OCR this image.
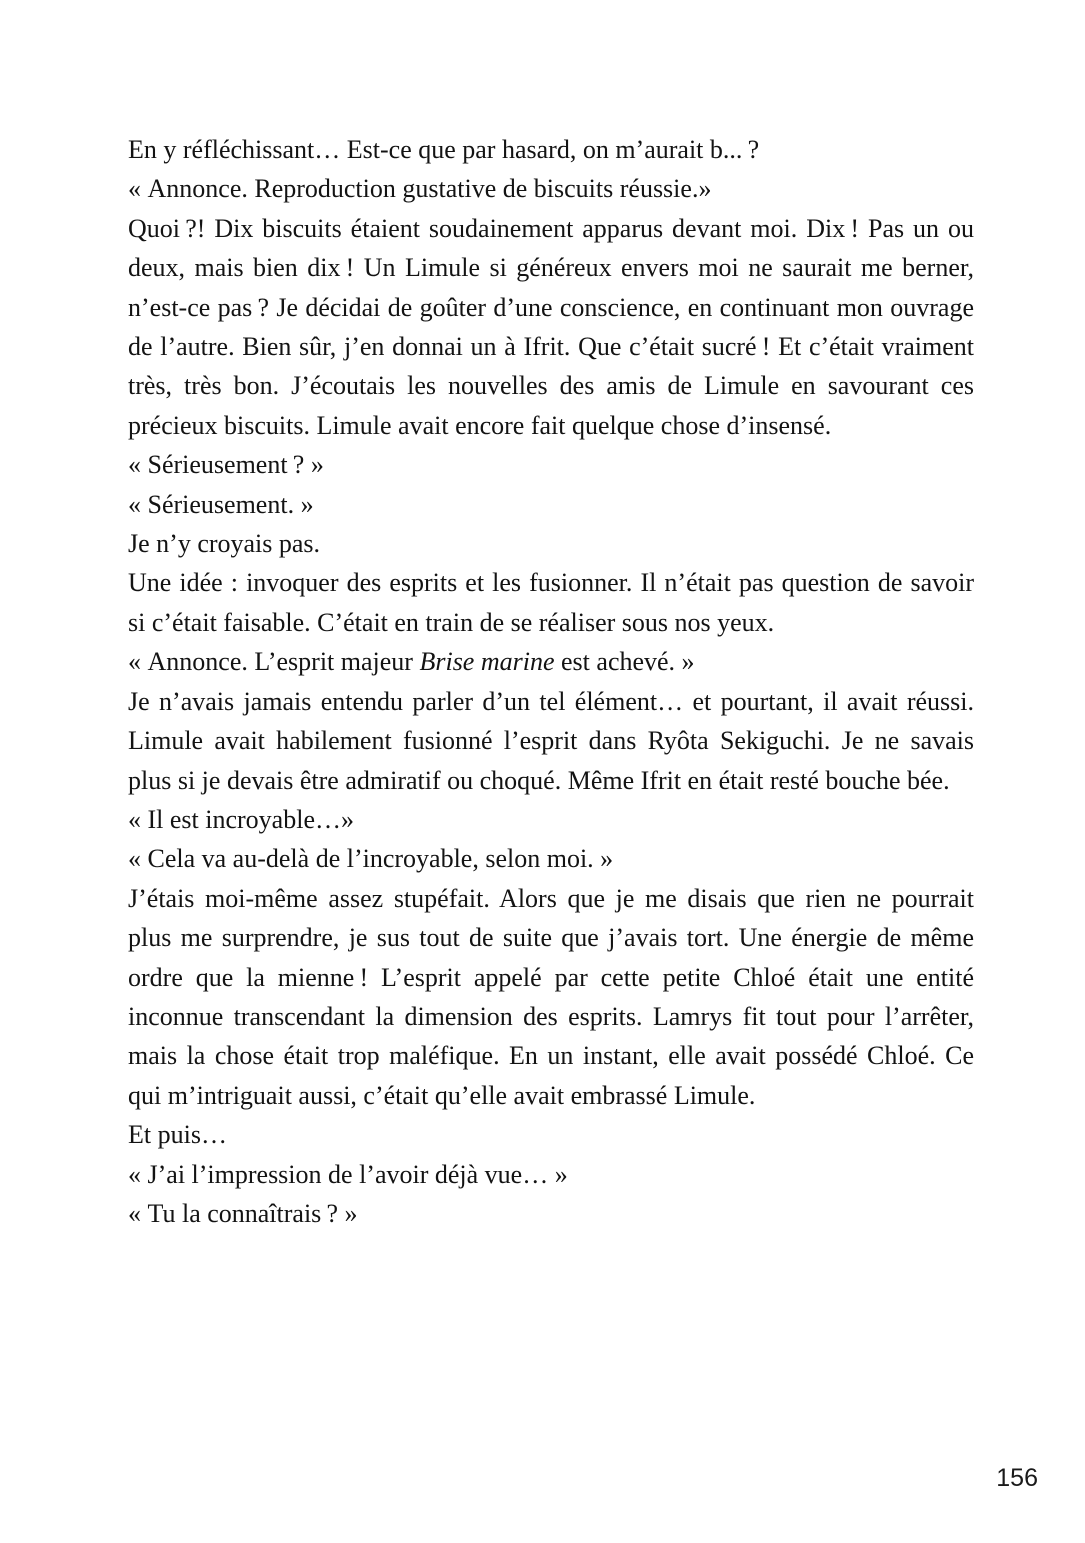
En y réfléchissant… Est-ce que par hasard, on m’aurait b... ?

« Annonce. Reproduction gustative de biscuits réussie.»

Quoi ?! Dix biscuits étaient soudainement apparus devant moi. Dix ! Pas un ou deux, mais bien dix ! Un Limule si généreux envers moi ne saurait me berner, n’est-ce pas ? Je décidai de goûter d’une conscience, en continuant mon ouvrage de l’autre. Bien sûr, j’en donnai un à Ifrit. Que c’était sucré ! Et c’était vraiment très, très bon. J’écoutais les nouvelles des amis de Limule en savourant ces précieux biscuits. Limule avait encore fait quelque chose d’insensé.

« Sérieusement ? »

« Sérieusement. »

Je n’y croyais pas.

Une idée : invoquer des esprits et les fusionner. Il n’était pas question de savoir si c’était faisable. C’était en train de se réaliser sous nos yeux.

« Annonce. L’esprit majeur Brise marine est achevé. »

Je n’avais jamais entendu parler d’un tel élément… et pourtant, il avait réussi. Limule avait habilement fusionné l’esprit dans Ryôta Sekiguchi. Je ne savais plus si je devais être admiratif ou choqué. Même Ifrit en était resté bouche bée.

« Il est incroyable…»

« Cela va au-delà de l’incroyable, selon moi. »

J’étais moi-même assez stupéfait. Alors que je me disais que rien ne pourrait plus me surprendre, je sus tout de suite que j’avais tort. Une énergie de même ordre que la mienne ! L’esprit appelé par cette petite Chloé était une entité inconnue transcendant la dimension des esprits. Lamrys fit tout pour l’arrêter, mais la chose était trop maléfique. En un instant, elle avait possédé Chloé. Ce qui m’intriguait aussi, c’était qu’elle avait embrassé Limule.

Et puis…

« J’ai l’impression de l’avoir déjà vue… »

« Tu la connaîtrais ? »

156
